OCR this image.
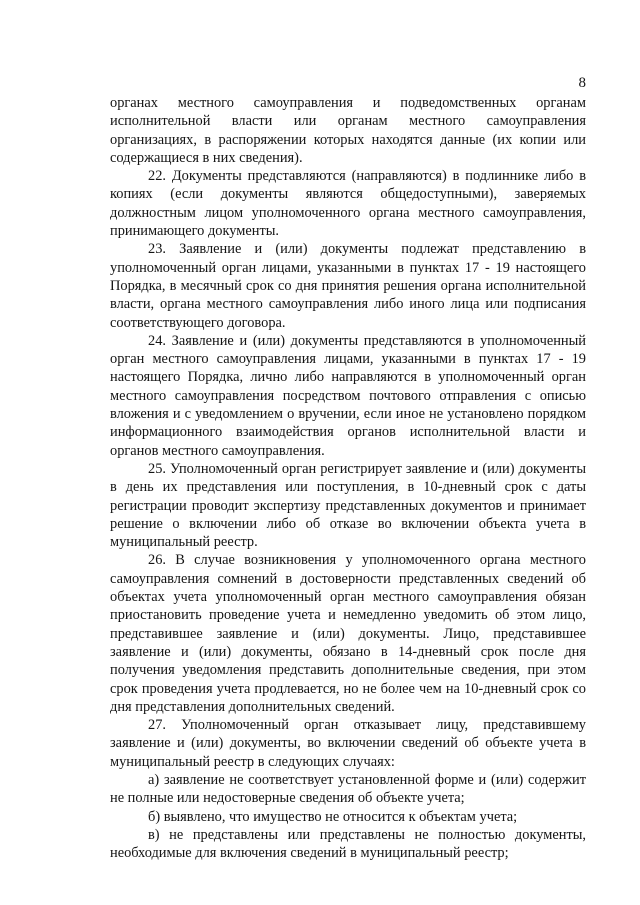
8

органах местного самоуправления и подведомственных органам исполнительной власти или органам местного самоуправления организациях, в распоряжении которых находятся данные (их копии или содержащиеся в них сведения).

22. Документы представляются (направляются) в подлиннике либо в копиях (если документы являются общедоступными), заверяемых должностным лицом уполномоченного органа местного самоуправления, принимающего документы.

23. Заявление и (или) документы подлежат представлению в уполномоченный орган лицами, указанными в пунктах 17 - 19 настоящего Порядка, в месячный срок со дня принятия решения органа исполнительной власти, органа местного самоуправления либо иного лица или подписания соответствующего договора.

24. Заявление и (или) документы представляются в уполномоченный орган местного самоуправления лицами, указанными в пунктах 17 - 19 настоящего Порядка, лично либо направляются в уполномоченный орган местного самоуправления посредством почтового отправления с описью вложения и с уведомлением о вручении, если иное не установлено порядком информационного взаимодействия органов исполнительной власти и органов местного самоуправления.

25. Уполномоченный орган регистрирует заявление и (или) документы в день их представления или поступления, в 10-дневный срок с даты регистрации проводит экспертизу представленных документов и принимает решение о включении либо об отказе во включении объекта учета в муниципальный реестр.

26. В случае возникновения у уполномоченного органа местного самоуправления сомнений в достоверности представленных сведений об объектах учета уполномоченный орган местного самоуправления обязан приостановить проведение учета и немедленно уведомить об этом лицо, представившее заявление и (или) документы. Лицо, представившее заявление и (или) документы, обязано в 14-дневный срок после дня получения уведомления представить дополнительные сведения, при этом срок проведения учета продлевается, но не более чем на 10-дневный срок со дня представления дополнительных сведений.

27. Уполномоченный орган отказывает лицу, представившему заявление и (или) документы, во включении сведений об объекте учета в муниципальный реестр в следующих случаях:

а) заявление не соответствует установленной форме и (или) содержит не полные или недостоверные сведения об объекте учета;

б) выявлено, что имущество не относится к объектам учета;

в) не представлены или представлены не полностью документы, необходимые для включения сведений в муниципальный реестр;
